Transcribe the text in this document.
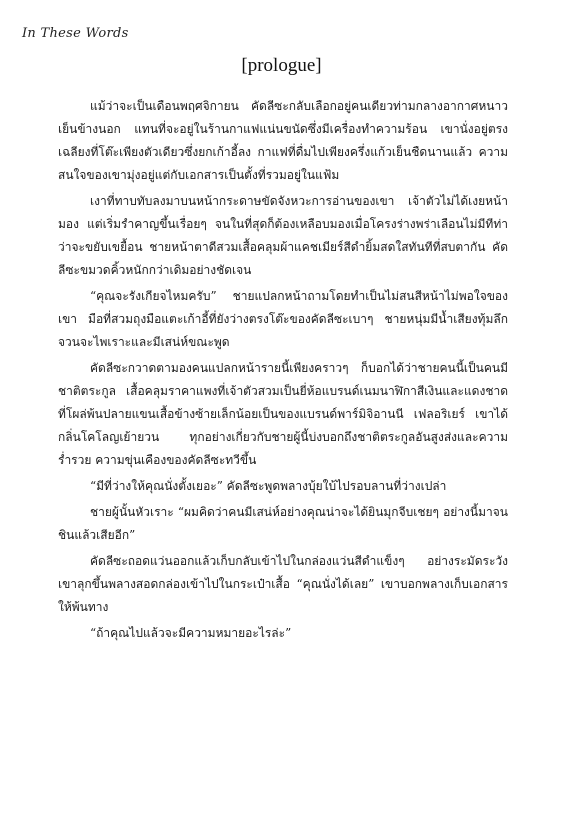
In These Words
[prologue]

แม้ว่าจะเป็นเดือนพฤศจิกายน คัดลีซะกลับเลือกอยู่คนเดียวท่ามกลางอากาศหนาวเย็นข้างนอก แทนที่จะอยู่ในร้านกาแฟแน่นขนัดซึ่งมีเครื่องทำความร้อน เขานั่งอยู่ตรงเฉลียงที่โต๊ะเพียงตัวเดียวซึ่งยกเก้าอี้ลง กาแฟที่ดื่มไปเพียงครึ่งแก้วเย็นชืดนานแล้ว ความสนใจของเขามุ่งอยู่แต่กับเอกสารเป็นตั้งที่รวมอยู่ในแฟ้ม

เงาที่ทาบทับลงมาบนหน้ากระดาษขัดจังหวะการอ่านของเขา เจ้าตัวไม่ได้เงยหน้ามอง แต่เริ่มรำคาญขึ้นเรื่อยๆ จนในที่สุดก็ต้องเหลือบมองเมื่อโครงร่างพร่าเลือนไม่มีทีท่าว่าจะขยับเขยื้อน ชายหน้าตาดีสวมเสื้อคลุมผ้าแคชเมียร์สีดำยิ้มสดใสทันทีที่สบตากัน คัดลีซะขมวดคิ้วหนักกว่าเดิมอย่างชัดเจน

“คุณจะรังเกียจไหมครับ” ชายแปลกหน้าถามโดยทำเป็นไม่สนสีหน้าไม่พอใจของเขา มือที่สวมถุงมือแตะเก้าอี้ที่ยังว่างตรงโต๊ะของคัดลีซะเบาๆ ชายหนุ่มมีน้ำเสียงทุ้มลึก จวนจะไพเราะและมีเสน่ห์ขณะพูด

คัดลีซะกวาดตามองคนแปลกหน้ารายนี้เพียงคราวๆ ก็บอกได้ว่าชายคนนี้เป็นคนมีชาติตระกูล เสื้อคลุมราคาแพงที่เจ้าตัวสวมเป็นยี่ห้อแบรนด์เนมนาฬิกาสีเงินและแดงชาดที่โผล่พ้นปลายแขนเสื้อข้างซ้ายเล็กน้อยเป็นของแบรนด์พาร์มิจิอานนี เฟลอริเยร์ เขาได้กลิ่นโคโลญเย้ายวน ทุกอย่างเกี่ยวกับชายผู้นี้บ่งบอกถึงชาติตระกูลอันสูงส่งและความร่ำรวย ความขุ่นเคืองของคัดลีซะทวีขึ้น

“มีที่ว่างให้คุณนั่งตั้งเยอะ” คัดลีซะพูดพลางบุ้ยใบ้ไปรอบลานที่ว่างเปล่า

ชายผู้นั้นหัวเราะ “ผมคิดว่าคนมีเสน่ห์อย่างคุณน่าจะได้ยินมุกจีบเชยๆ อย่างนี้มาจนชินแล้วเสียอีก”

คัดลีซะถอดแว่นออกแล้วเก็บกลับเข้าไปในกล่องแว่นสีดำแข็งๆ อย่างระมัดระวัง เขาลุกขึ้นพลางสอดกล่องเข้าไปในกระเป๋าเสื้อ “คุณนั่งได้เลย” เขาบอกพลางเก็บเอกสารให้พ้นทาง

“ถ้าคุณไปแล้วจะมีความหมายอะไรล่ะ”
